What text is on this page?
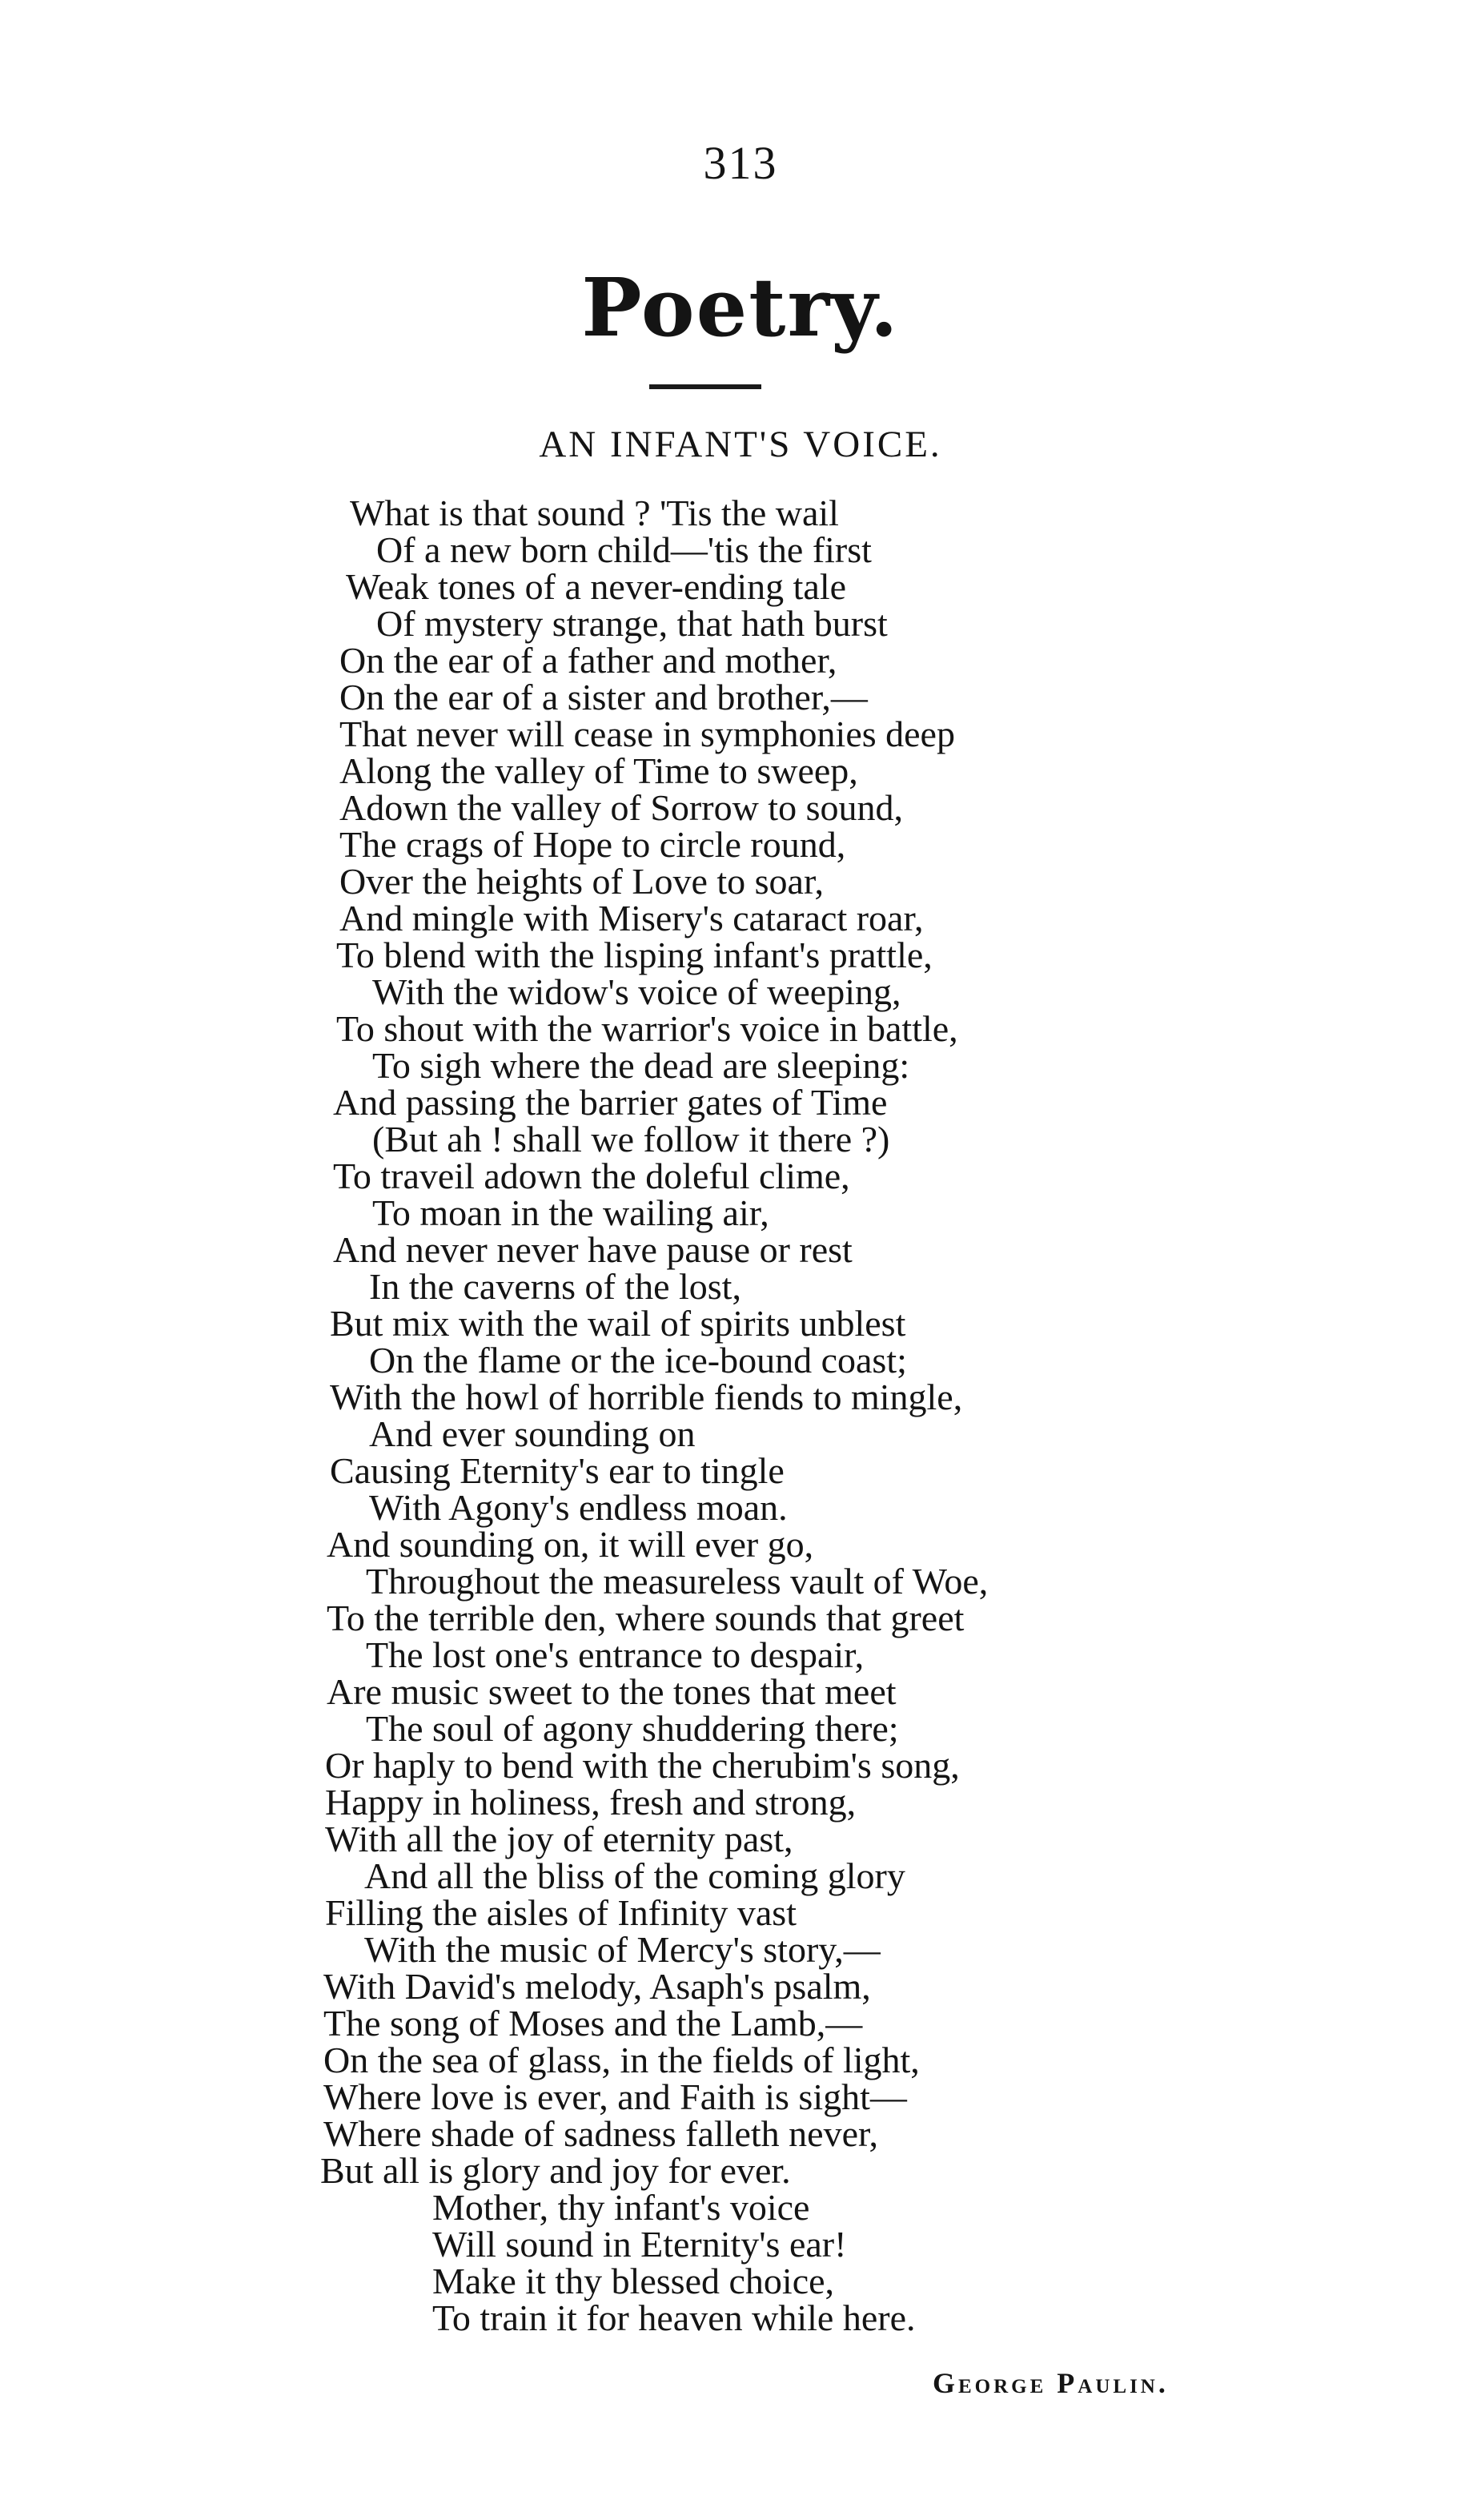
313
Poetry.
AN INFANT'S VOICE.
What is that sound ? 'Tis the wail
Of a new born child—'tis the first
Weak tones of a never-ending tale
Of mystery strange, that hath burst
On the ear of a father and mother,
On the ear of a sister and brother,—
That never will cease in symphonies deep
Along the valley of Time to sweep,
Adown the valley of Sorrow to sound,
The crags of Hope to circle round,
Over the heights of Love to soar,
And mingle with Misery's cataract roar,
To blend with the lisping infant's prattle,
With the widow's voice of weeping,
To shout with the warrior's voice in battle,
To sigh where the dead are sleeping:
And passing the barrier gates of Time
(But ah ! shall we follow it there ?)
To traveil adown the doleful clime,
To moan in the wailing air,
And never never have pause or rest
In the caverns of the lost,
But mix with the wail of spirits unblest
On the flame or the ice-bound coast;
With the howl of horrible fiends to mingle,
And ever sounding on
Causing Eternity's ear to tingle
With Agony's endless moan.
And sounding on, it will ever go,
Throughout the measureless vault of Woe,
To the terrible den, where sounds that greet
The lost one's entrance to despair,
Are music sweet to the tones that meet
The soul of agony shuddering there;
Or haply to bend with the cherubim's song,
Happy in holiness, fresh and strong,
With all the joy of eternity past,
And all the bliss of the coming glory
Filling the aisles of Infinity vast
With the music of Mercy's story,—
With David's melody, Asaph's psalm,
The song of Moses and the Lamb,—
On the sea of glass, in the fields of light,
Where love is ever, and Faith is sight—
Where shade of sadness falleth never,
But all is glory and joy for ever.
Mother, thy infant's voice
Will sound in Eternity's ear!
Make it thy blessed choice,
To train it for heaven while here.
George Paulin.
